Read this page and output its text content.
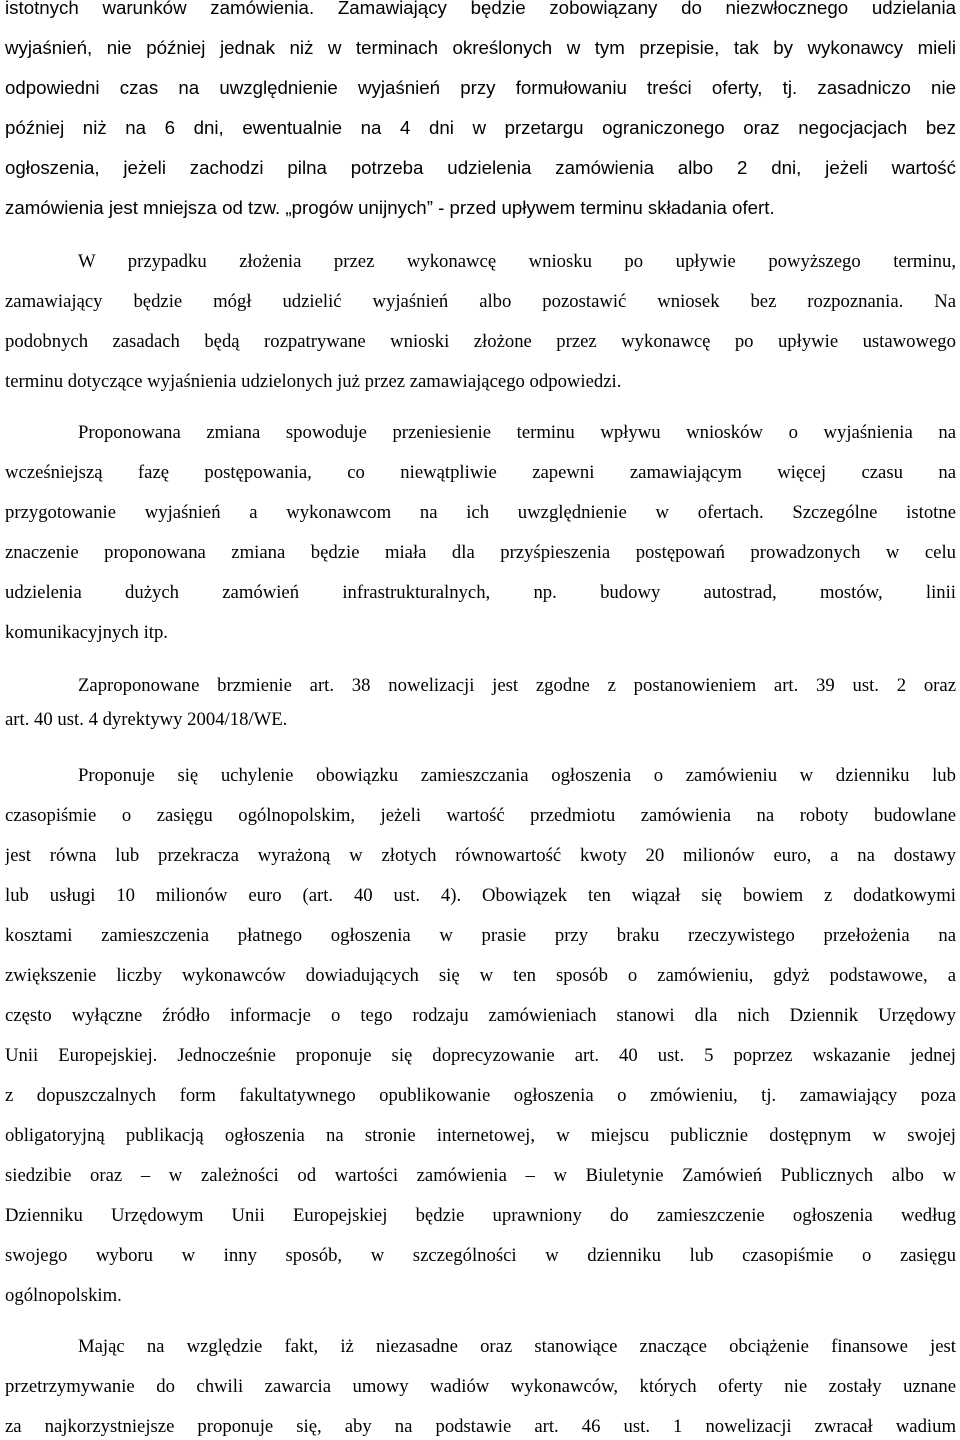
istotnych warunków zamówienia. Zamawiający będzie zobowiązany do niezwłocznego udzielania
wyjaśnień, nie później jednak niż w terminach określonych w tym przepisie, tak by wykonawcy mieli
odpowiedni czas na uwzględnienie wyjaśnień przy formułowaniu treści oferty, tj. zasadniczo nie
później niż na 6 dni, ewentualnie na 4 dni w przetargu ograniczonego oraz negocjacjach bez
ogłoszenia, jeżeli zachodzi pilna potrzeba udzielenia zamówienia albo 2 dni, jeżeli wartość
zamówienia jest mniejsza od tzw. „progów unijnych” - przed upływem terminu składania ofert.
W przypadku złożenia przez wykonawcę wniosku po upływie powyższego terminu,
zamawiający będzie mógł udzielić wyjaśnień albo pozostawić wniosek bez rozpoznania. Na
podobnych zasadach będą rozpatrywane wnioski złożone przez wykonawcę po upływie ustawowego
terminu dotyczące wyjaśnienia udzielonych już przez zamawiającego odpowiedzi.
Proponowana zmiana spowoduje przeniesienie terminu wpływu wniosków o wyjaśnienia na
wcześniejszą fazę postępowania, co niewątpliwie zapewni zamawiającym więcej czasu na
przygotowanie wyjaśnień a wykonawcom na ich uwzględnienie w ofertach. Szczególne istotne
znaczenie proponowana zmiana będzie miała dla przyśpieszenia postępowań prowadzonych w celu
udzielenia dużych zamówień infrastrukturalnych, np. budowy autostrad, mostów, linii
komunikacyjnych itp.
Zaproponowane brzmienie art. 38 nowelizacji jest zgodne z postanowieniem art. 39 ust. 2 oraz
art. 40 ust. 4 dyrektywy 2004/18/WE.
Proponuje się uchylenie obowiązku zamieszczania ogłoszenia o zamówieniu w dzienniku lub
czasopiśmie o zasięgu ogólnopolskim, jeżeli wartość przedmiotu zamówienia na roboty budowlane
jest równa lub przekracza wyrażoną w złotych równowartość kwoty 20 milionów euro, a na dostawy
lub usługi 10 milionów euro (art. 40 ust. 4). Obowiązek ten wiązał się bowiem z dodatkowymi
kosztami zamieszczenia płatnego ogłoszenia w prasie przy braku rzeczywistego przełożenia na
zwiększenie liczby wykonawców dowiadujących się w ten sposób o zamówieniu, gdyż podstawowe, a
często wyłączne źródło informacje o tego rodzaju zamówieniach stanowi dla nich Dziennik Urzędowy
Unii Europejskiej. Jednocześnie proponuje się doprecyzowanie art. 40 ust. 5 poprzez wskazanie jednej
z dopuszczalnych form fakultatywnego opublikowanie ogłoszenia o zmówieniu, tj. zamawiający poza
obligatoryjną publikacją ogłoszenia na stronie internetowej, w miejscu publicznie dostępnym w swojej
siedzibie oraz – w zależności od wartości zamówienia – w Biuletynie Zamówień Publicznych albo w
Dzienniku Urzędowym Unii Europejskiej będzie uprawniony do zamieszczenie ogłoszenia według
swojego wyboru w inny sposób, w szczególności w dzienniku lub czasopiśmie o zasięgu
ogólnopolskim.
Mając na względzie fakt, iż niezasadne oraz stanowiące znaczące obciążenie finansowe jest
przetrzymywanie do chwili zawarcia umowy wadiów wykonawców, których oferty nie zostały uznane
za najkorzystniejsze proponuje się, aby na podstawie art. 46 ust. 1 nowelizacji zwracał wadium
